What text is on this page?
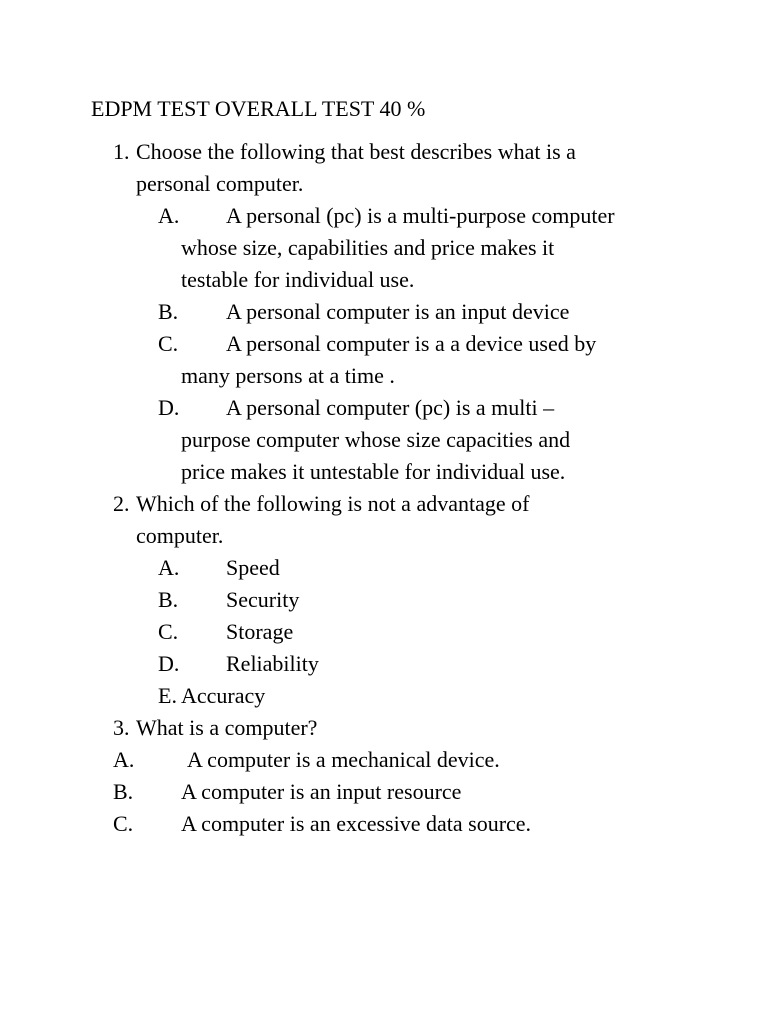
EDPM TEST OVERALL TEST 40 %
1. Choose the following that best describes what is a
personal computer.
A. A personal (pc) is a multi-purpose computer
whose size, capabilities and price makes it
testable for individual use.
B. A personal computer is an input device
C. A personal computer is a a device used by
many persons at a time .
D. A personal computer (pc) is a multi –
purpose computer whose size capacities and
price makes it untestable for individual use.
2. Which of the following is not a advantage of
computer.
A. Speed
B. Security
C. Storage
D. Reliability
E. Accuracy
3. What is a computer?
A. A computer is a mechanical device.
B. A computer is an input resource
C. A computer is an excessive data source.
